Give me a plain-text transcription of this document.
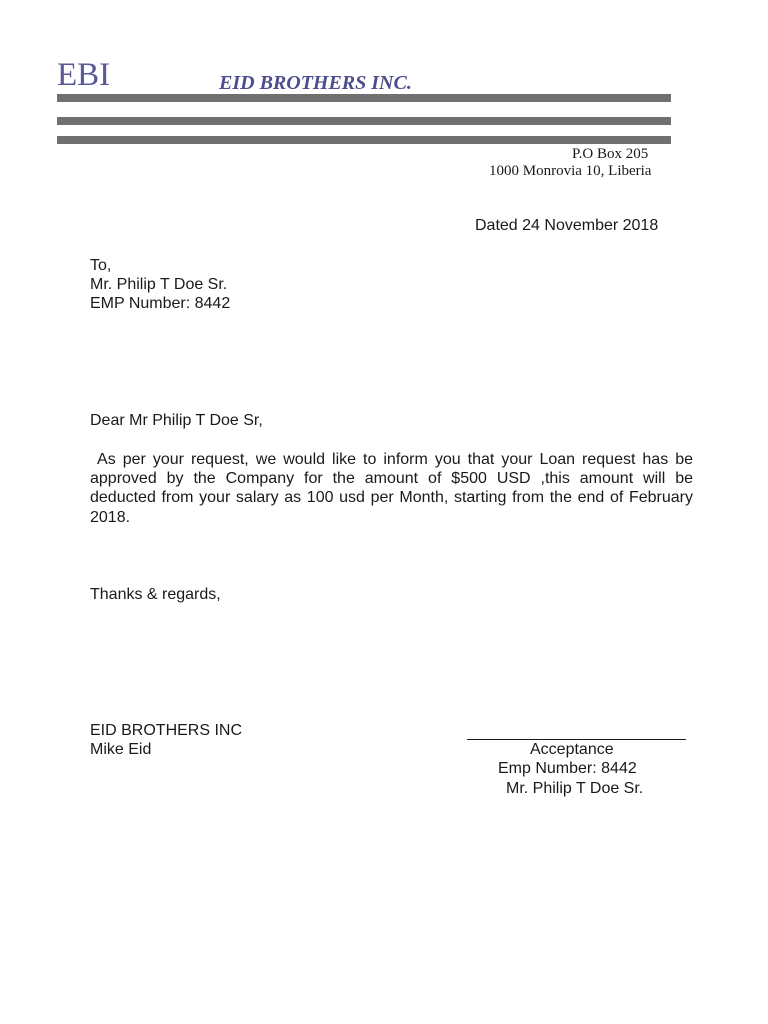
EBI	EID BROTHERS INC.
P.O Box 205
1000 Monrovia 10, Liberia
Dated 24 November 2018
To,
Mr. Philip T Doe Sr.
EMP Number: 8442
Dear Mr Philip T Doe Sr,
As per your request, we would like to inform you that your Loan request has be
approved by the Company for the amount of $500 USD ,this amount will be
deducted from your salary as 100 usd per Month, starting from the end of February
2018.
Thanks & regards,
EID BROTHERS INC
Mike Eid	Acceptance
Emp Number: 8442
Mr. Philip T Doe Sr.
